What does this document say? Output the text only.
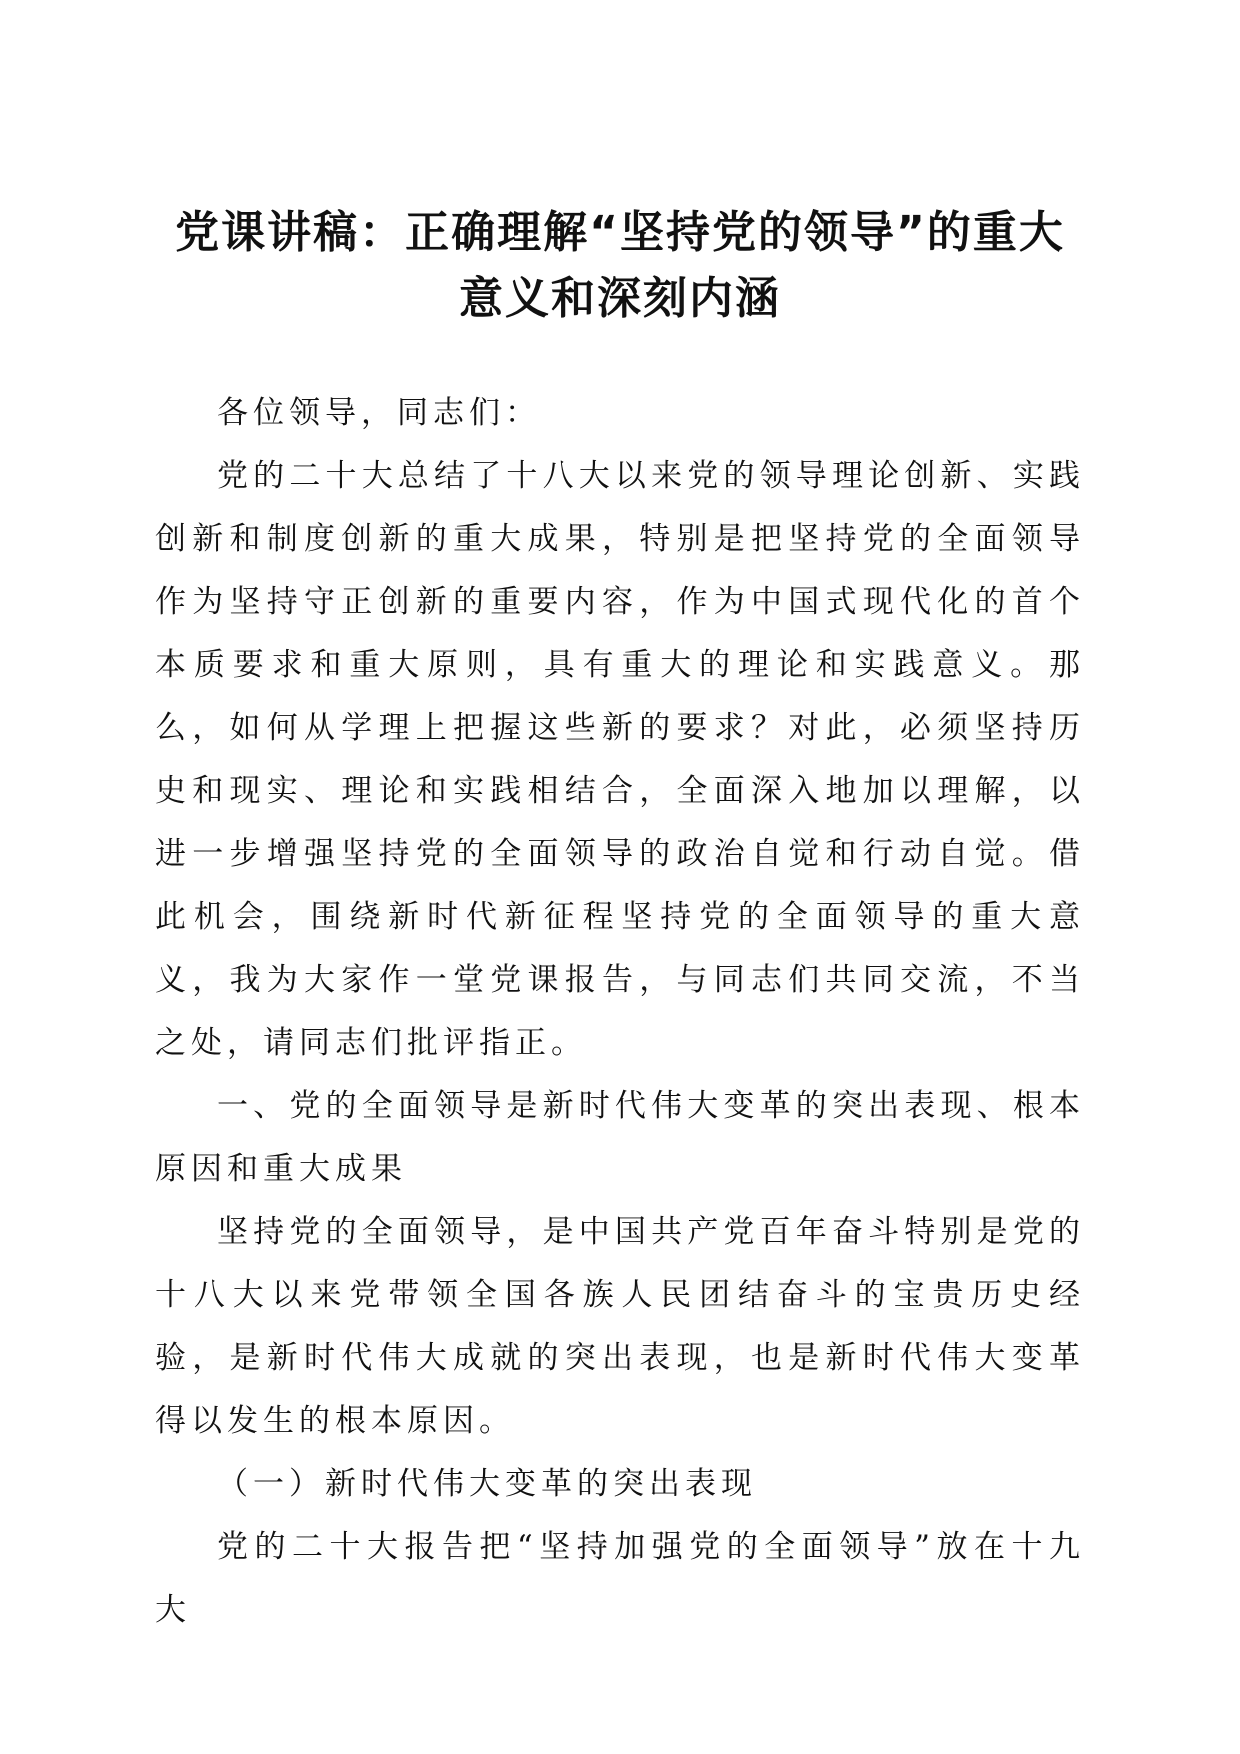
党课讲稿：正确理解“坚持党的领导”的重大
意义和深刻内涵

各位领导，同志们：

党的二十大总结了十八大以来党的领导理论创新、实践创新和制度创新的重大成果，特别是把坚持党的全面领导作为坚持守正创新的重要内容，作为中国式现代化的首个本质要求和重大原则，具有重大的理论和实践意义。那么，如何从学理上把握这些新的要求？对此，必须坚持历史和现实、理论和实践相结合，全面深入地加以理解，以进一步增强坚持党的全面领导的政治自觉和行动自觉。借此机会，围绕新时代新征程坚持党的全面领导的重大意义，我为大家作一堂党课报告，与同志们共同交流，不当之处，请同志们批评指正。

一、党的全面领导是新时代伟大变革的突出表现、根本原因和重大成果

坚持党的全面领导，是中国共产党百年奋斗特别是党的十八大以来党带领全国各族人民团结奋斗的宝贵历史经验，是新时代伟大成就的突出表现，也是新时代伟大变革得以发生的根本原因。

（一）新时代伟大变革的突出表现

党的二十大报告把“坚持加强党的全面领导”放在十九大
